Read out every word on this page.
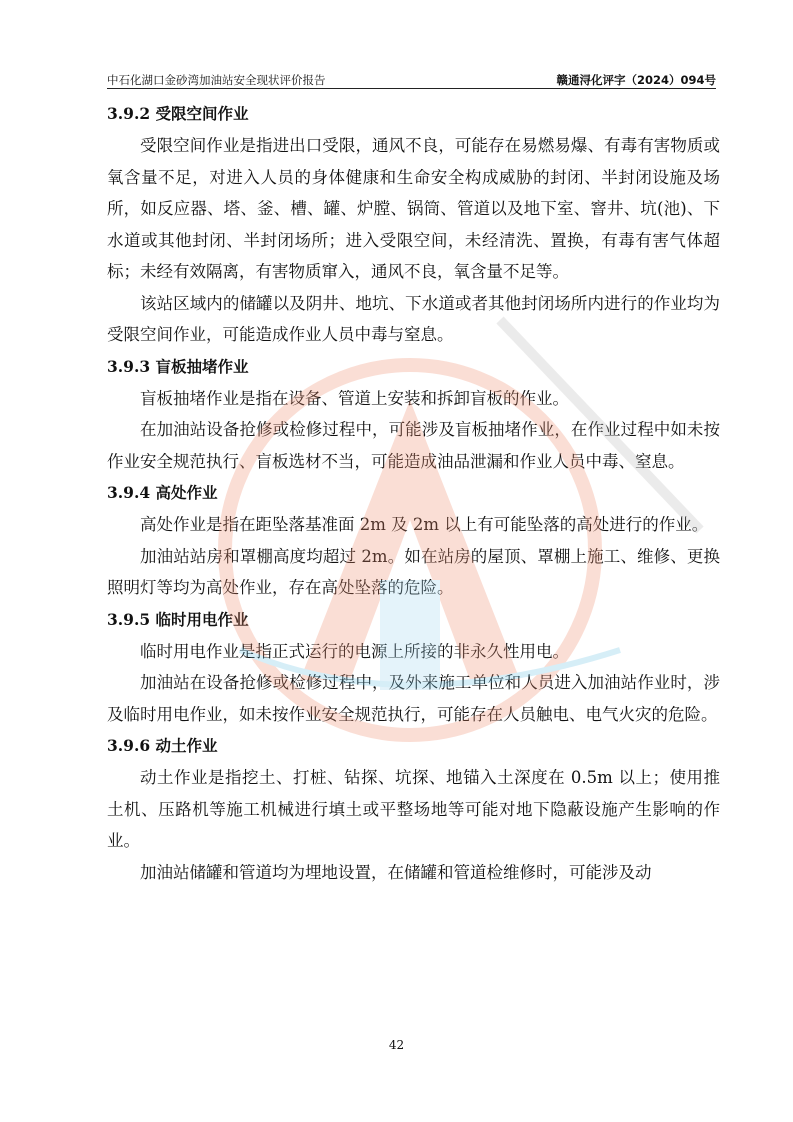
中石化湖口金砂湾加油站安全现状评价报告	赣通浔化评字（2024）094号
3.9.2 受限空间作业

受限空间作业是指进出口受限，通风不良，可能存在易燃易爆、有毒有害物质或氧含量不足，对进入人员的身体健康和生命安全构成威胁的封闭、半封闭设施及场所，如反应器、塔、釜、槽、罐、炉膛、锅筒、管道以及地下室、窨井、坑(池)、下水道或其他封闭、半封闭场所；进入受限空间，未经清洗、置换，有毒有害气体超标；未经有效隔离，有害物质窜入，通风不良，氧含量不足等。

该站区域内的储罐以及阴井、地坑、下水道或者其他封闭场所内进行的作业均为受限空间作业，可能造成作业人员中毒与窒息。

3.9.3 盲板抽堵作业

盲板抽堵作业是指在设备、管道上安装和拆卸盲板的作业。

在加油站设备抢修或检修过程中，可能涉及盲板抽堵作业，在作业过程中如未按作业安全规范执行、盲板选材不当，可能造成油品泄漏和作业人员中毒、窒息。

3.9.4 高处作业

高处作业是指在距坠落基准面 2m 及 2m 以上有可能坠落的高处进行的作业。

加油站站房和罩棚高度均超过 2m。如在站房的屋顶、罩棚上施工、维修、更换照明灯等均为高处作业，存在高处坠落的危险。

3.9.5 临时用电作业

临时用电作业是指正式运行的电源上所接的非永久性用电。

加油站在设备抢修或检修过程中，及外来施工单位和人员进入加油站作业时，涉及临时用电作业，如未按作业安全规范执行，可能存在人员触电、电气火灾的危险。

3.9.6 动土作业

动土作业是指挖土、打桩、钻探、坑探、地锚入土深度在 0.5m 以上；使用推土机、压路机等施工机械进行填土或平整场地等可能对地下隐蔽设施产生影响的作业。

加油站储罐和管道均为埋地设置，在储罐和管道检维修时，可能涉及动

42
